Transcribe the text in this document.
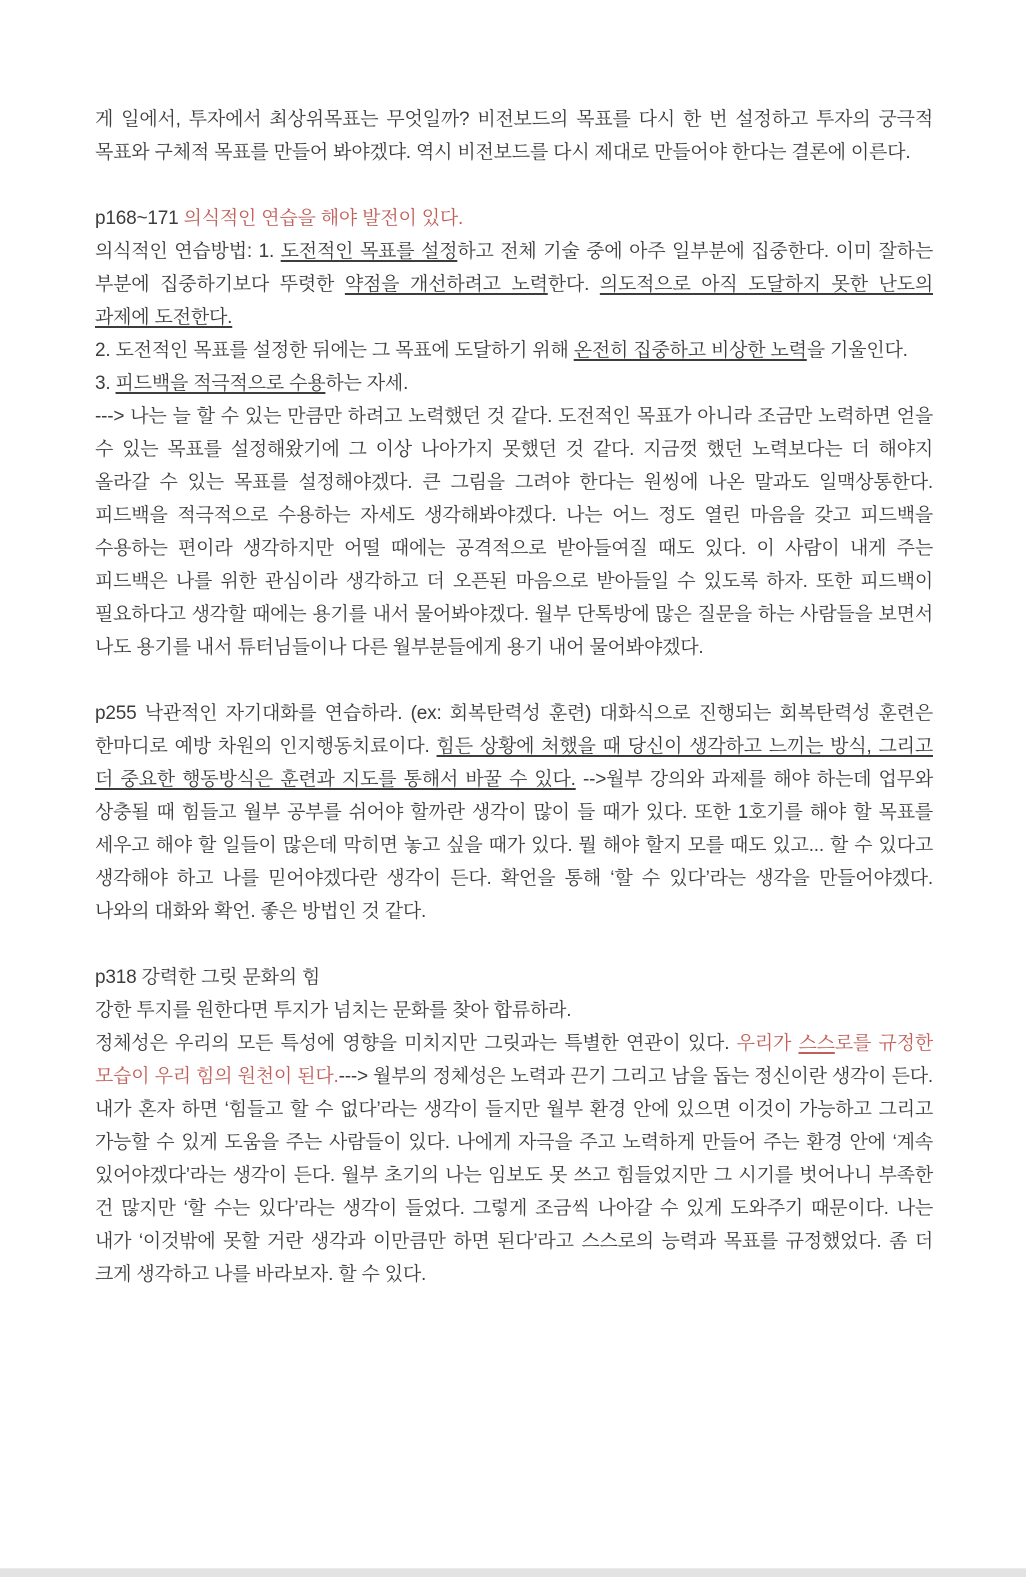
게 일에서, 투자에서 최상위목표는 무엇일까? 비전보드의 목표를 다시 한 번 설정하고 투자의 궁극적 목표와 구체적 목표를 만들어 봐야겠댜. 역시 비전보드를 다시 제대로 만들어야 한다는 결론에 이른다.

p168~171 의식적인 연습을 해야 발전이 있다.

의식적인 연습방법: 1. 도전적인 목표를 설정하고 전체 기술 중에 아주 일부분에 집중한다. 이미 잘하는 부분에 집중하기보다 뚜렷한 약점을 개선하려고 노력한다. 의도적으로 아직 도달하지 못한 난도의 과제에 도전한다.

2. 도전적인 목표를 설정한 뒤에는 그 목표에 도달하기 위해 온전히 집중하고 비상한 노력을 기울인다.

3. 피드백을 적극적으로 수용하는 자세.

---> 나는 늘 할 수 있는 만큼만 하려고 노력했던 것 같다. 도전적인 목표가 아니라 조금만 노력하면 얻을 수 있는 목표를 설정해왔기에 그 이상 나아가지 못했던 것 같다. 지금껏 했던 노력보다는 더 해야지 올라갈 수 있는 목표를 설정해야겠다. 큰 그림을 그려야 한다는 원씽에 나온 말과도 일맥상통한다. 피드백을 적극적으로 수용하는 자세도 생각해봐야겠다. 나는 어느 정도 열린 마음을 갖고 피드백을 수용하는 편이라 생각하지만 어떨 때에는 공격적으로 받아들여질 때도 있다. 이 사람이 내게 주는 피드백은 나를 위한 관심이라 생각하고 더 오픈된 마음으로 받아들일 수 있도록 하자. 또한 피드백이 필요하다고 생각할 때에는 용기를 내서 물어봐야겠다. 월부 단톡방에 많은 질문을 하는 사람들을 보면서 나도 용기를 내서 튜터님들이나 다른 월부분들에게 용기 내어 물어봐야겠다.

p255 낙관적인 자기대화를 연습하라. (ex: 회복탄력성 훈련) 대화식으로 진행되는 회복탄력성 훈련은 한마디로 예방 차원의 인지행동치료이다. 힘든 상황에 처했을 때 당신이 생각하고 느끼는 방식, 그리고 더 중요한 행동방식은 훈련과 지도를 통해서 바꿀 수 있다. -->월부 강의와 과제를 해야 하는데 업무와 상충될 때 힘들고 월부 공부를 쉬어야 할까란 생각이 많이 들 때가 있다. 또한 1호기를 해야 할 목표를 세우고 해야 할 일들이 많은데 막히면 놓고 싶을 때가 있다. 뭘 해야 할지 모를 때도 있고... 할 수 있다고 생각해야 하고 나를 믿어야겠다란 생각이 든다. 확언을 통해 ‘할 수 있다’라는 생각을 만들어야겠다. 나와의 대화와 확언. 좋은 방법인 것 같다.

p318 강력한 그릿 문화의 힘

강한 투지를 원한다면 투지가 넘치는 문화를 찾아 합류하라.

정체성은 우리의 모든 특성에 영향을 미치지만 그릿과는 특별한 연관이 있다. 우리가 스스로를 규정한 모습이 우리 힘의 원천이 된다.---> 월부의 정체성은 노력과 끈기 그리고 남을 돕는 정신이란 생각이 든다. 내가 혼자 하면 ‘힘들고 할 수 없다’라는 생각이 들지만 월부 환경 안에 있으면 이것이 가능하고 그리고 가능할 수 있게 도움을 주는 사람들이 있다. 나에게 자극을 주고 노력하게 만들어 주는 환경 안에 ‘계속 있어야겠다’라는 생각이 든다. 월부 초기의 나는 임보도 못 쓰고 힘들었지만 그 시기를 벗어나니 부족한 건 많지만 ‘할 수는 있다’라는 생각이 들었다. 그렇게 조금씩 나아갈 수 있게 도와주기 때문이다. 나는 내가 ‘이것밖에 못할 거란 생각과 이만큼만 하면 된다’라고 스스로의 능력과 목표를 규정했었다. 좀 더 크게 생각하고 나를 바라보자. 할 수 있다.
